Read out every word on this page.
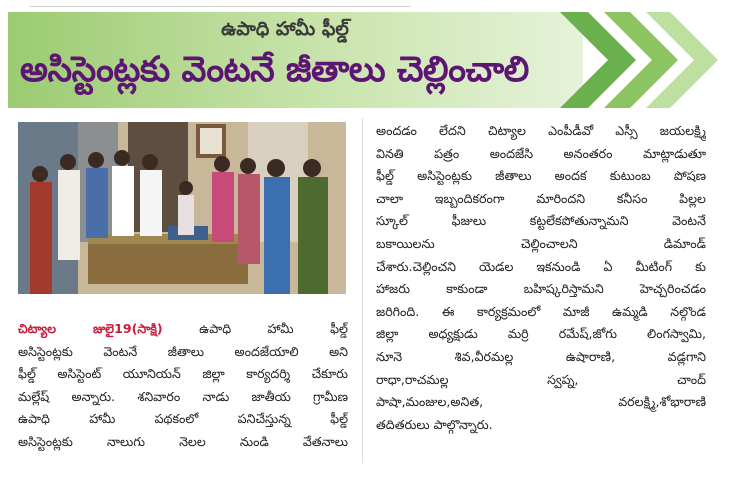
ఉపాధి హామీ ఫీల్డ్
అసిస్టెంట్లకు వెంటనే జీతాలు చెల్లించాలి
చిట్యాల జులై19(సాక్షి)	ఉపాధి హామీ ఫీల్డ్
అసిస్టెంట్లకు వెంటనే జీతాలు అందజేయాలి అని
ఫీల్డ్ అసిస్టెంట్ యూనియన్ జిల్లా కార్యదర్శి చేకూరు
మల్లేష్ అన్నారు. శనివారం నాడు జాతీయ గ్రామీణ
ఉపాధి హామీ పథకంలో పనిచేస్తున్న ఫీల్డ్
అసిస్టెంట్లకు నాలుగు నెలల నుండి వేతనాలు
అందడం లేదని చిట్యాల ఎంపీడీవో ఎస్సీ జయలక్ష్మి
వినతి పత్రం అందజేసి అనంతరం మాట్లాడుతూ
ఫీల్డ్ అసిస్టెంట్లకు జీతాలు అందక కుటుంబ పోషణ
చాలా ఇబ్బందికరంగా మారిందని కనీసం పిల్లల
స్కూల్ ఫీజులు కట్టలేకపోతున్నామని వెంటనే
బకాయిలను చెల్లించాలని డిమాండ్
చేశారు.చెల్లించని యెడల ఇకనుండి ఏ మీటింగ్ కు
హాజరు కాకుండా బహిష్కరిస్తామని హెచ్చరించడం
జరిగింది. ఈ కార్యక్రమంలో మాజీ ఉమ్మడి నల్గొండ
జిల్లా అధ్యక్షుడు మర్రి రమేష్,జోగు లింగస్వామి,
నూనె శివ,వీరమల్ల ఉషారాణి, వడ్లగాని
రాధా,రాచమల్ల స్వప్న, చాంద్
పాషా,మంజుల,అనిత, వరలక్ష్మి,శోభారాణి
తదితరులు పాల్గొన్నారు.
